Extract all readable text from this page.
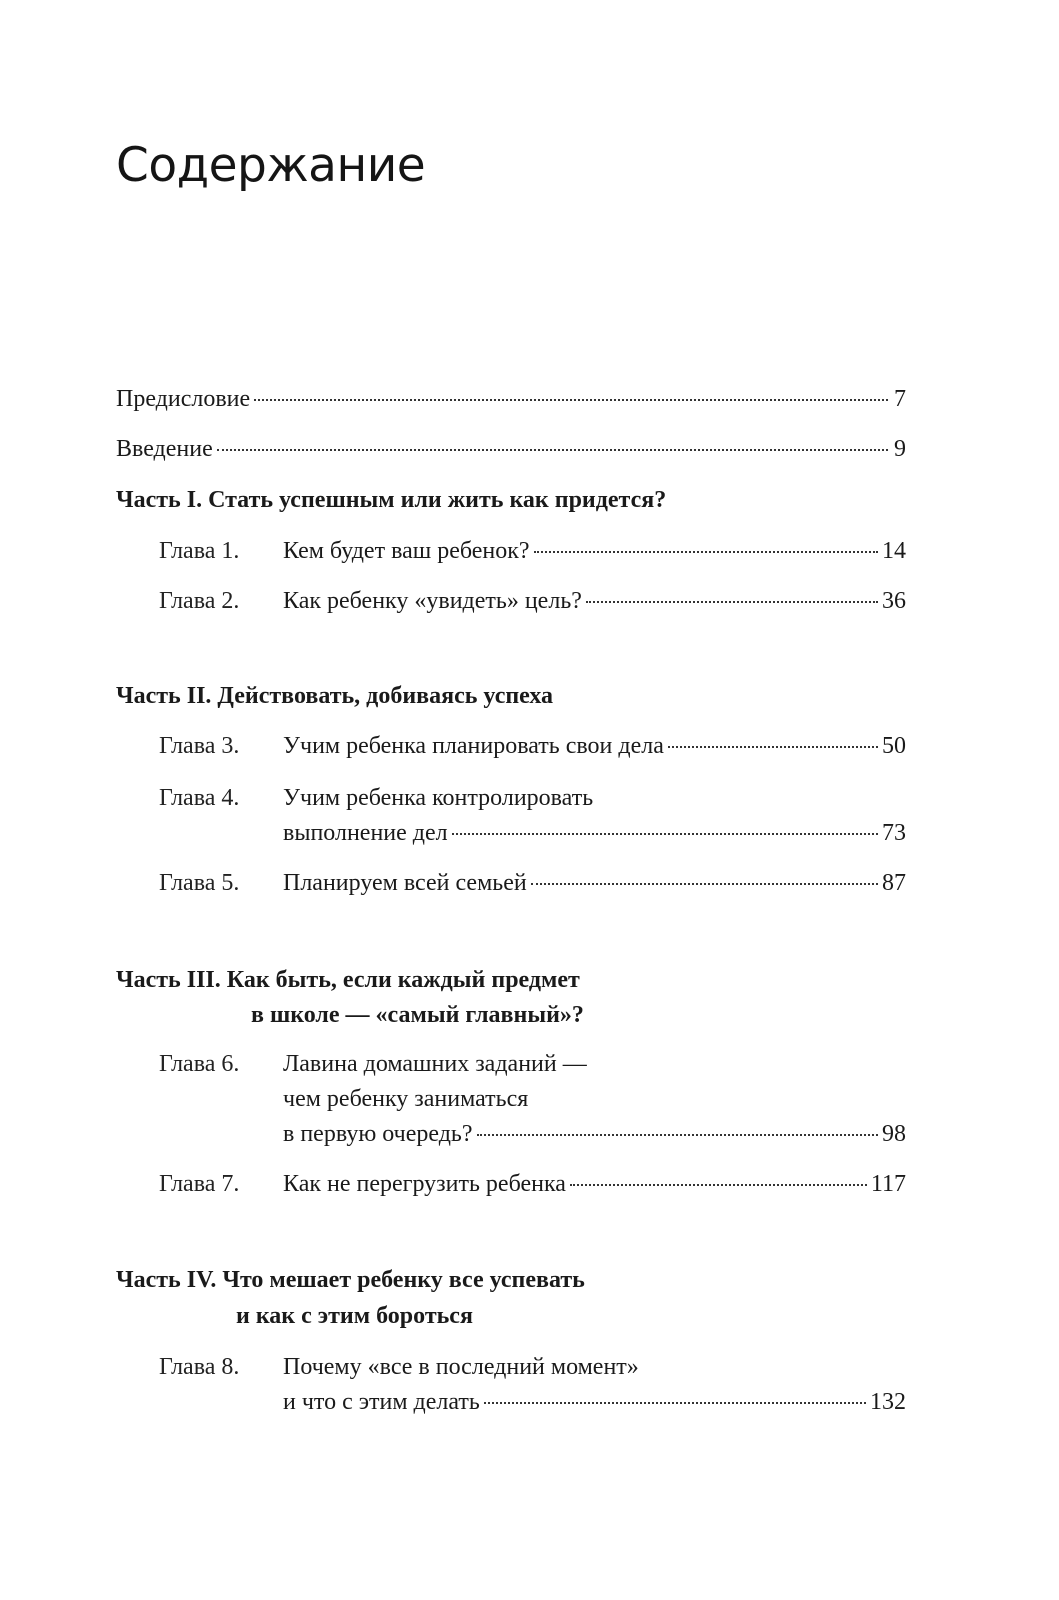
Содержание
Предисловие	7
Введение	9
Часть I. Стать успешным или жить как придется?
Глава 1. Кем будет ваш ребенок?	14
Глава 2. Как ребенку «увидеть» цель?	36
Часть II. Действовать, добиваясь успеха
Глава 3. Учим ребенка планировать свои дела	50
Глава 4. Учим ребенка контролировать
выполнение дел	73
Глава 5. Планируем всей семьей	87
Часть III. Как быть, если каждый предмет
в школе — «самый главный»?
Глава 6. Лавина домашних заданий —
чем ребенку заниматься
в первую очередь?	98
Глава 7. Как не перегрузить ребенка	117
Часть IV. Что мешает ребенку все успевать
и как с этим бороться
Глава 8. Почему «все в последний момент»
и что с этим делать	132
